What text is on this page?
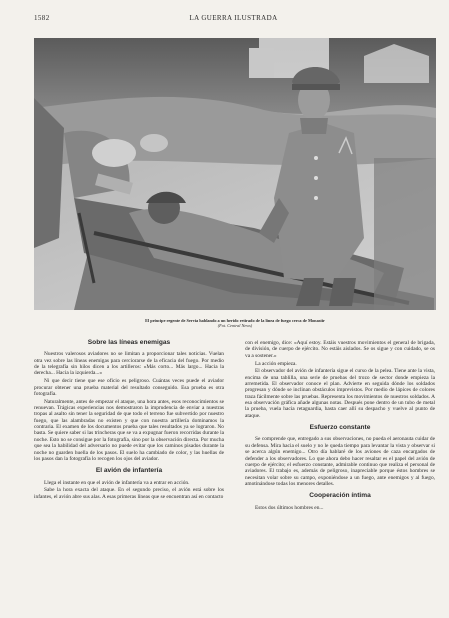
1582	LA GUERRA ILUSTRADA
El príncipe regente de Servia hablando a un herido retirado de la línea de fuego cerca de Monastir
(Fot. Central News)
Sobre las líneas enemigas

Nuestros valerosos aviadores no se limitan a proporcionar tales noticias. Vuelan otra vez sobre las líneas enemigas para cerciorarse de la eficacia del fuego. Por medio de la telegrafía sin hilos dicen a los artilleros: «Más corto... Más largo... Hacia la derecha... Hacia la izquierda...»

Ni que decir tiene que ese oficio es peligroso. Cuántas veces puede el aviador procurar obtener una prueba material del resultado conseguido. Esa prueba es otra fotografía.

Naturalmente, antes de empezar el ataque, una hora antes, esos reconocimientos se renuevan. Trágicas experiencias nos demostraron la imprudencia de enviar a nuestras tropas al asalto sin tener la seguridad de que todo el terreno fue subvertido por nuestro fuego, que las alambradas no existen y que con nuestra artillería dominamos la contraria. El examen de los documentos prueba que tales resultados ya se lograron. No basta. Se quiere saber si las trincheras que se va a expugnar fueron recorridas durante la noche. Esto no se consigue por la fotografía, sino por la observación directa. Por mucha que sea la habilidad del adversario no puede evitar que los caminos pisados durante la noche no guarden huella de los pasos. El suelo ha cambiado de color, y las huellas de los pasos dan la fotografía lo recogen los ojos del aviador.

El avión de infantería

Llega el instante en que el avión de infantería va a entrar en acción.

Sabe la hora exacta del ataque. En el segundo preciso, el avión está sobre los infantes, el avión abre sus alas. A esas primeras líneas que se encuentran así en contacto

con el enemigo, dice: «Aquí estoy. Estáis vuestros movimientos el general de brigada, de división, de cuerpo de ejército. No estáis aislados. Se os sigue y con cuidado, se os va a sostener.»

La acción empieza.

El observador del avión de infantería sigue el curso de la pelea. Tiene ante la vista, encima de una tablilla, una serie de pruebas del trozo de sector donde empieza la arremetida. El observador conoce el plan. Advierte en seguida dónde los soldados progresan y dónde se inclinan obstáculos imprevistos. Por medio de lápices de colores traza fácilmente sobre las pruebas. Representa los movimientos de nuestros soldados. A esa observación gráfica añade algunas notas. Después pone dentro de un tubo de metal la prueba, vuela hacia retaguardia, hasta caer allí su despacho y vuelve al punto de ataque.

Esfuerzo constante

Se comprende que, entregado a sus observaciones, no pueda el aeronauta cuidar de su defensa. Mira hacia el suelo y no le queda tiempo para levantar la vista y observar si se acerca algún enemigo... Otro día hablaré de los aviones de caza encargados de defender a los observadores. Lo que ahora debo hacer resaltar es el papel del avión de cuerpo de ejército; el esfuerzo constante, admirable continuo que realiza el personal de aviadores. El trabajo es, además de peligroso, inapreciable porque éstos hombres se necesitan volar sobre su campo, exponiéndose a un fuego, ante enemigos y al fuego, amotinándose todas los menores detalles.

Cooperación íntima

Estos dos últimos hombres en...
